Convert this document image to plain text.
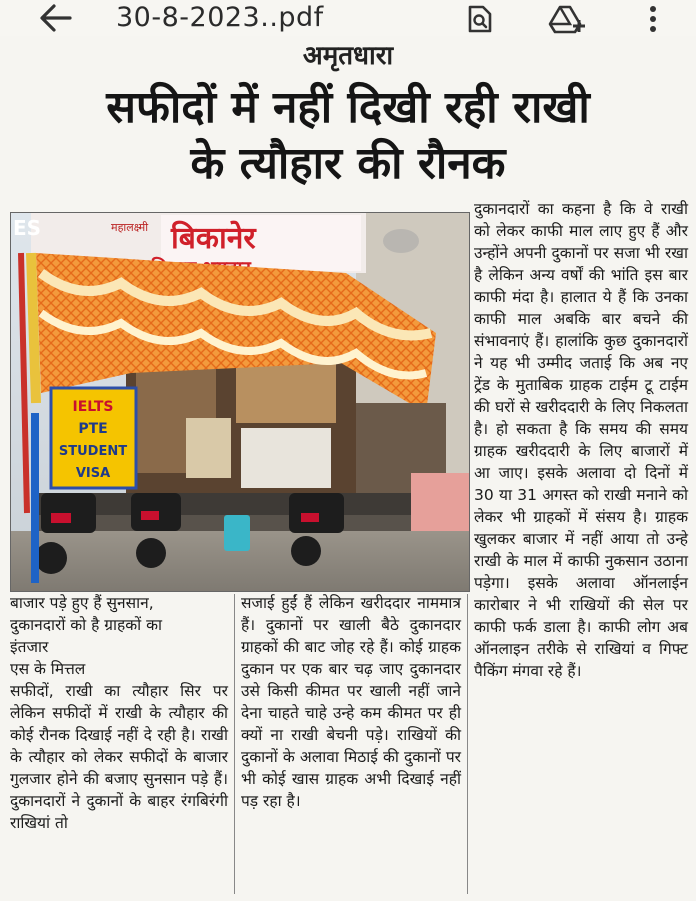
30-8-2023..pdf
अमृतधारा
सफीदों में नहीं दिखी रही राखी
के त्यौहार की रौनक
महालक्ष्मी बिकानेर
ES
IELTS
PTE
STUDENT
VISA

बाजार पड़े हुए हैं सुनसान,

दुकानदारों को है ग्राहकों का

इंतजार

एस के मित्तल

सफीदों, राखी का त्यौहार सिर पर लेकिन सफीदों में राखी के त्यौहार की कोई रौनक दिखाई नहीं दे रही है। राखी के त्यौहार को लेकर सफीदों के बाजार गुलजार होने की बजाए सुनसान पड़े हैं। दुकानदारों ने दुकानों के बाहर रंगबिरंगी राखियां तो

सजाई हुईं हैं लेकिन खरीददार नाममात्र हैं। दुकानों पर खाली बैठे दुकानदार ग्राहकों की बाट जोह रहे हैं। कोई ग्राहक दुकान पर एक बार चढ़ जाए दुकानदार उसे किसी कीमत पर खाली नहीं जाने देना चाहते चाहे उन्हे कम कीमत पर ही क्यों ना राखी बेचनी पड़े। राखियों की दुकानों के अलावा मिठाई की दुकानों पर भी कोई खास ग्राहक अभी दिखाई नहीं पड़ रहा है।

दुकानदारों का कहना है कि वे राखी को लेकर काफी माल लाए हुए हैं और उन्होंने अपनी दुकानों पर सजा भी रखा है लेकिन अन्य वर्षों की भांति इस बार काफी मंदा है। हालात ये हैं कि उनका काफी माल अबकि बार बचने की संभावनाएं हैं। हालांकि कुछ दुकानदारों ने यह भी उम्मीद जताई कि अब नए ट्रेंड के मुताबिक ग्राहक टाईम टू टाईम की घरों से खरीददारी के लिए निकलता है। हो सकता है कि समय की समय ग्राहक खरीददारी के लिए बाजारों में आ जाए। इसके अलावा दो दिनों में 30 या 31 अगस्त को राखी मनाने को लेकर भी ग्राहकों में संसय है। ग्राहक खुलकर बाजार में नहीं आया तो उन्हे राखी के माल में काफी नुकसान उठाना पड़ेगा। इसके अलावा ऑनलाईन कारोबार ने भी राखियों की सेल पर काफी फर्क डाला है। काफी लोग अब ऑनलाइन तरीके से राखियां व गिफ्ट पैकिंग मंगवा रहे हैं।
